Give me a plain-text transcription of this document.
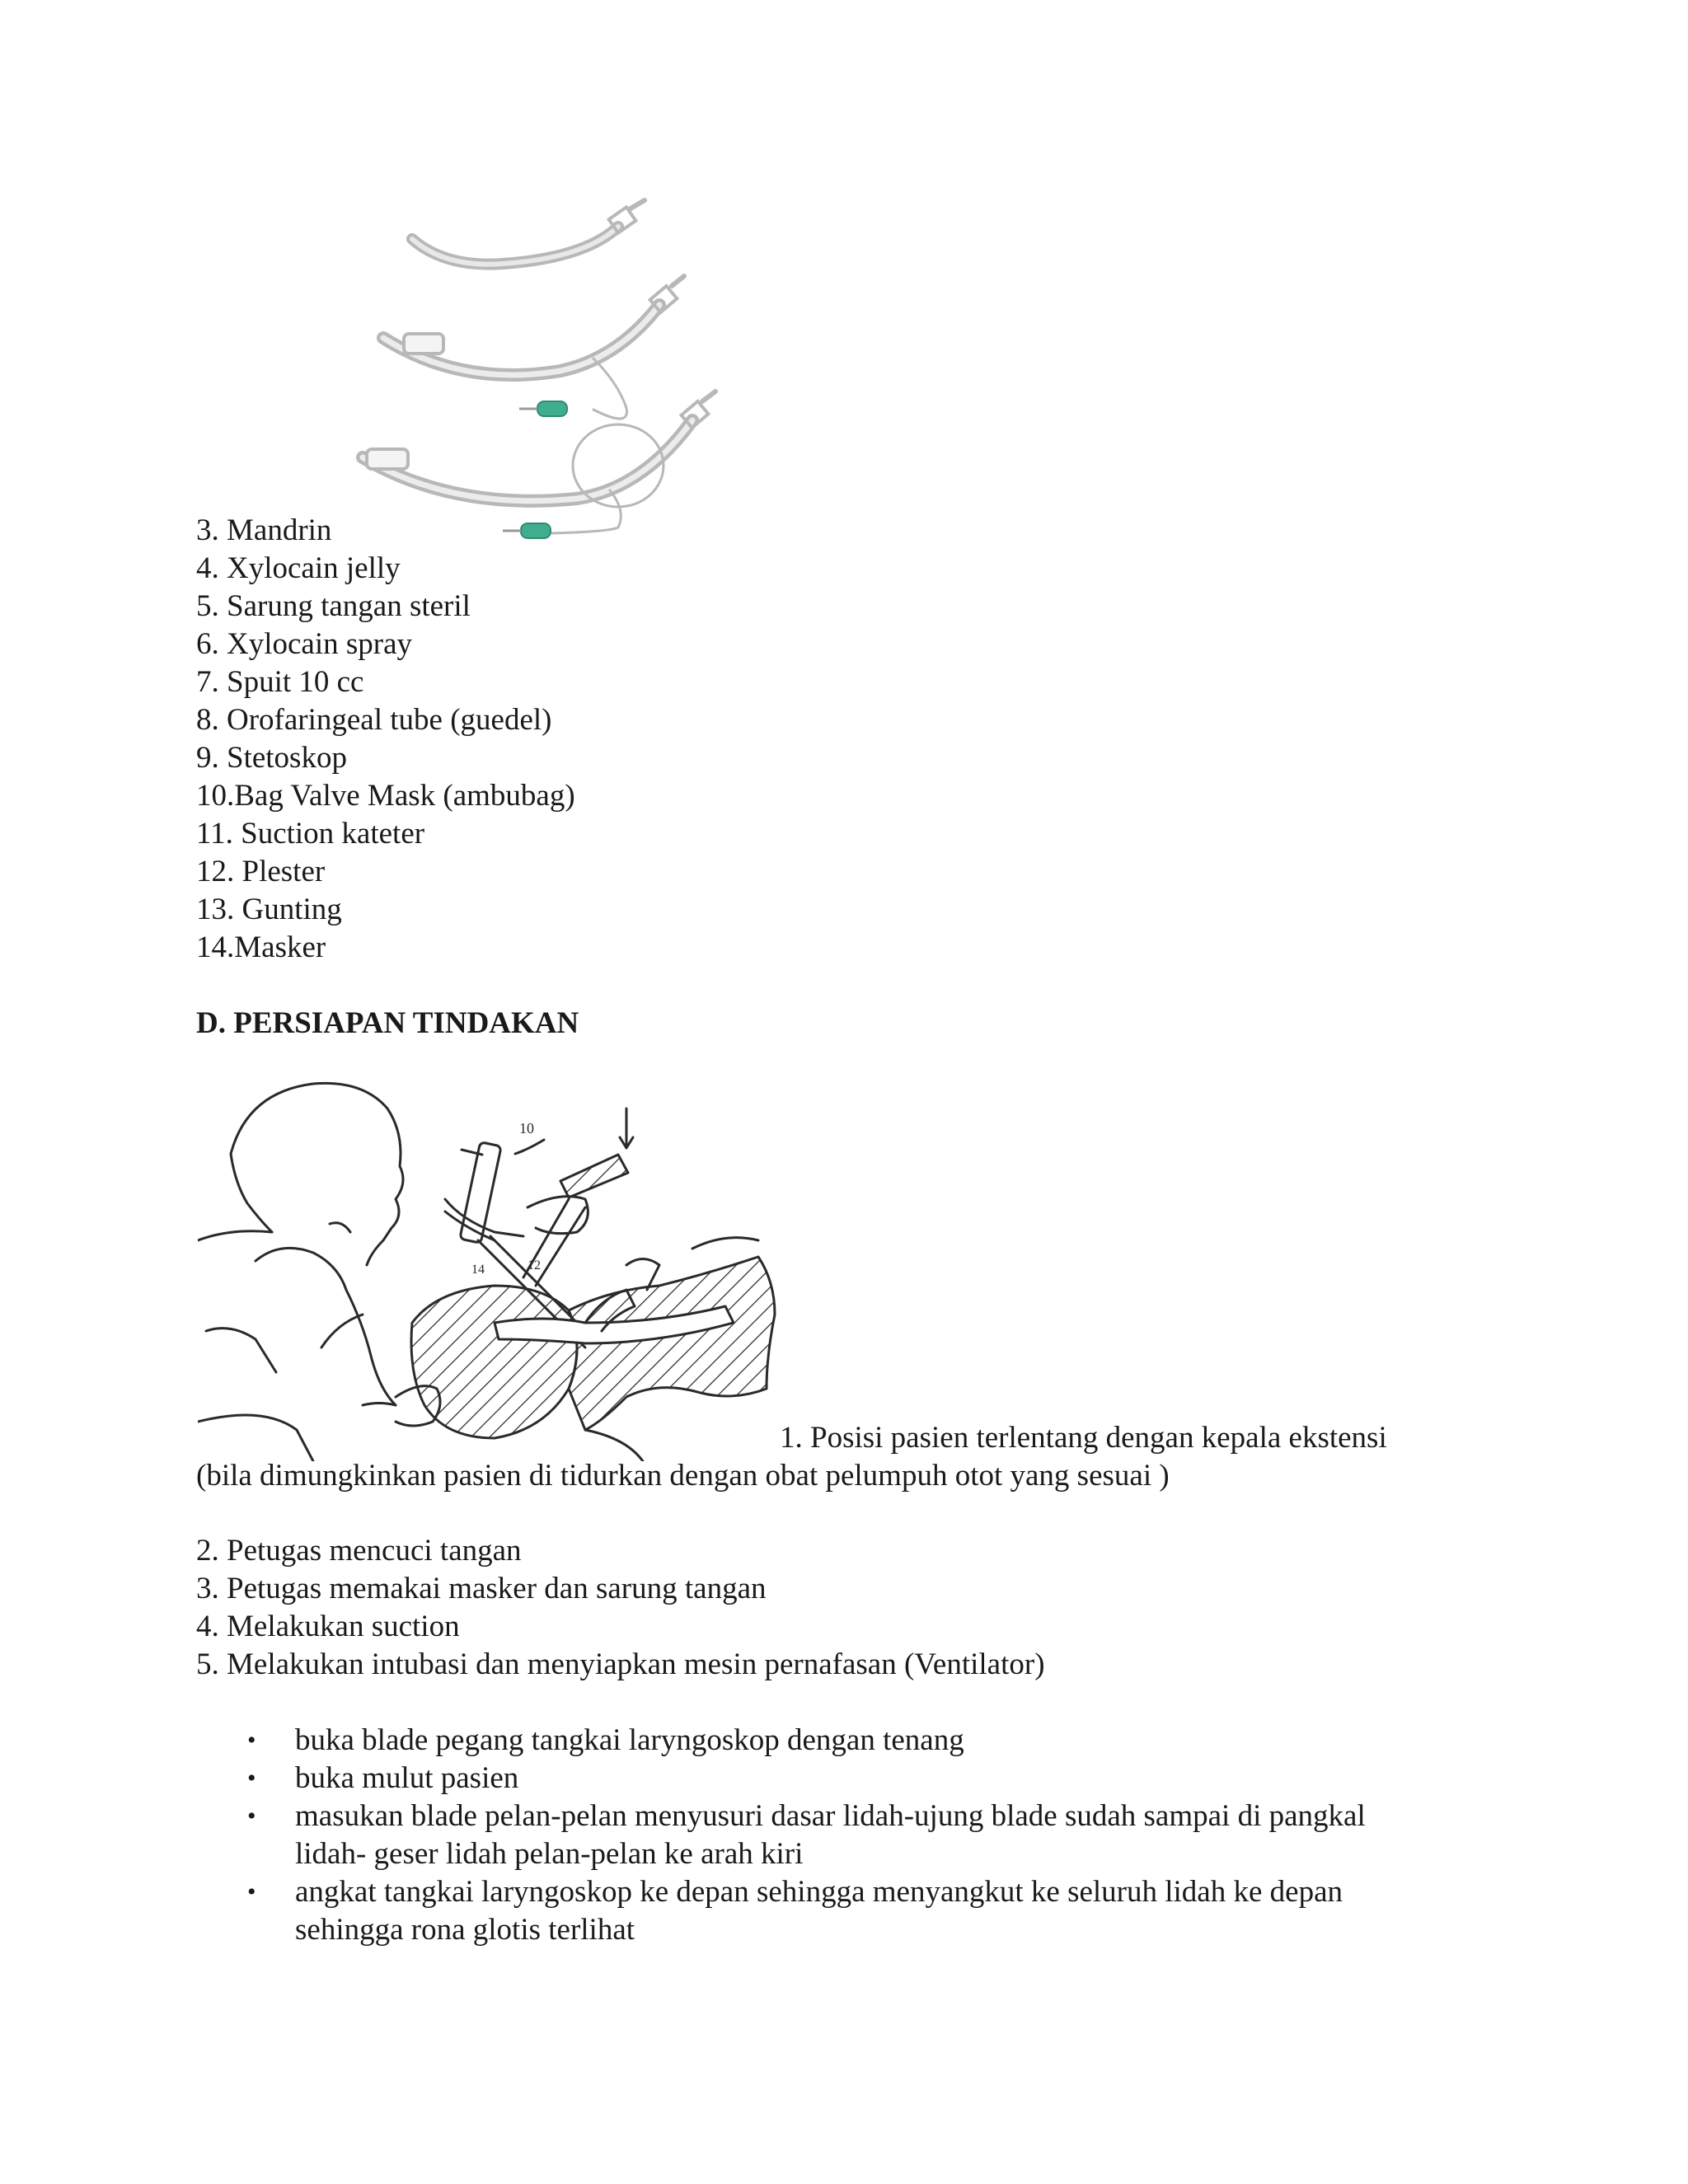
3. Mandrin
4. Xylocain jelly
5. Sarung tangan steril
6. Xylocain spray
7. Spuit 10 cc
8. Orofaringeal tube (guedel)
9. Stetoskop
10.Bag Valve Mask (ambubag)
11. Suction kateter
12. Plester
13. Gunting
14.Masker
D. PERSIAPAN TINDAKAN
10
12
14
1. Posisi pasien terlentang dengan kepala ekstensi
(bila dimungkinkan pasien di tidurkan dengan obat pelumpuh otot yang sesuai )
2. Petugas mencuci tangan
3. Petugas memakai masker dan sarung tangan
4. Melakukan suction
5. Melakukan intubasi dan menyiapkan mesin pernafasan (Ventilator)
• buka blade pegang tangkai laryngoskop dengan tenang
• buka mulut pasien
• masukan blade pelan-pelan menyusuri dasar lidah-ujung blade sudah sampai di pangkal
lidah- geser lidah pelan-pelan ke arah kiri
• angkat tangkai laryngoskop ke depan sehingga menyangkut ke seluruh lidah ke depan
sehingga rona glotis terlihat
